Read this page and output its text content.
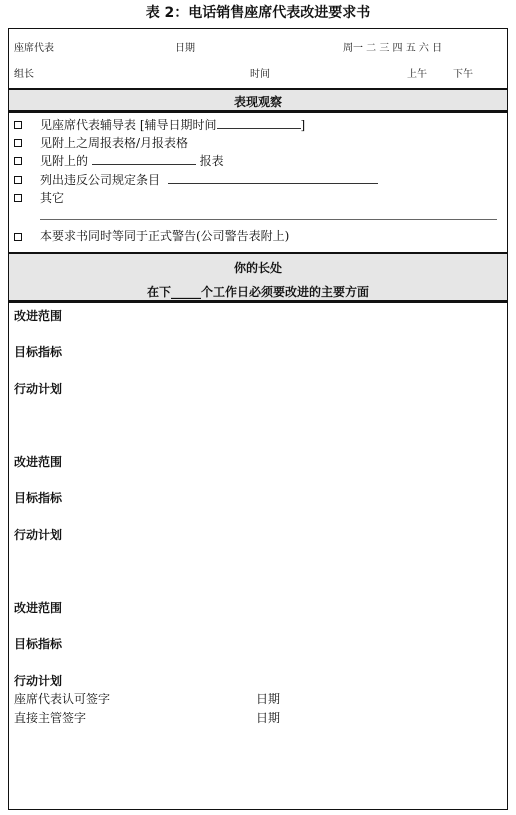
表 2：电话销售座席代表改进要求书
座席代表	日期	周一 二 三 四 五 六 日
组长	时间	上午	下午
表现观察
见座席代表辅导表 [辅导日期时间	]
见附上之周报表格/月报表格
见附上的	报表
列出违反公司规定条目
其它
本要求书同时等同于正式警告(公司警告表附上)
你的长处
在下_____个工作日必须要改进的主要方面
改进范围
目标指标
行动计划
改进范围
目标指标
行动计划
改进范围
目标指标
行动计划
座席代表认可签字	日期
直接主管签字	日期
